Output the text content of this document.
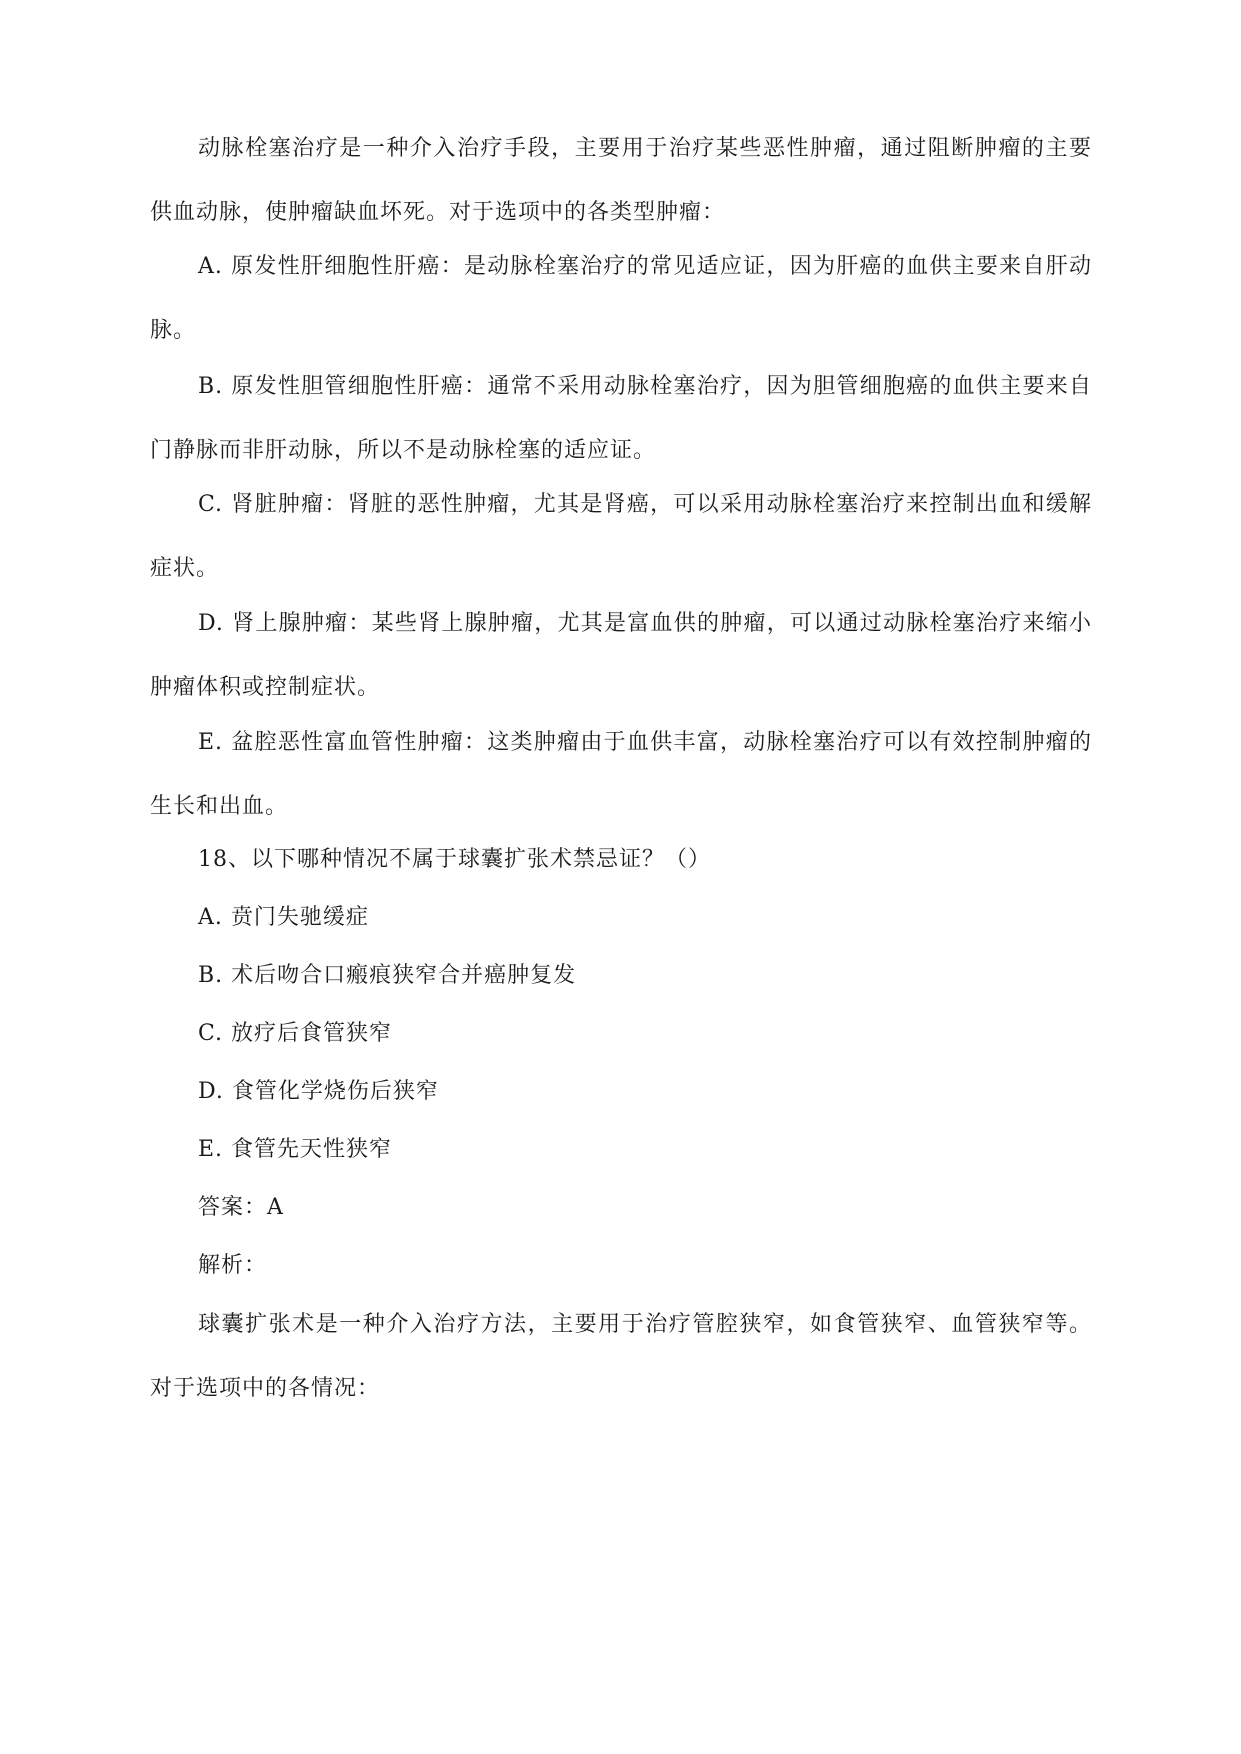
动脉栓塞治疗是一种介入治疗手段，主要用于治疗某些恶性肿瘤，通过阻断肿瘤的主要供血动脉，使肿瘤缺血坏死。对于选项中的各类型肿瘤：

A. 原发性肝细胞性肝癌：是动脉栓塞治疗的常见适应证，因为肝癌的血供主要来自肝动脉。

B. 原发性胆管细胞性肝癌：通常不采用动脉栓塞治疗，因为胆管细胞癌的血供主要来自门静脉而非肝动脉，所以不是动脉栓塞的适应证。

C. 肾脏肿瘤：肾脏的恶性肿瘤，尤其是肾癌，可以采用动脉栓塞治疗来控制出血和缓解症状。

D. 肾上腺肿瘤：某些肾上腺肿瘤，尤其是富血供的肿瘤，可以通过动脉栓塞治疗来缩小肿瘤体积或控制症状。

E. 盆腔恶性富血管性肿瘤：这类肿瘤由于血供丰富，动脉栓塞治疗可以有效控制肿瘤的生长和出血。

18、以下哪种情况不属于球囊扩张术禁忌证？（）

A. 贲门失驰缓症

B. 术后吻合口瘢痕狭窄合并癌肿复发

C. 放疗后食管狭窄

D. 食管化学烧伤后狭窄

E. 食管先天性狭窄

答案：A

解析：

球囊扩张术是一种介入治疗方法，主要用于治疗管腔狭窄，如食管狭窄、血管狭窄等。对于选项中的各情况：
